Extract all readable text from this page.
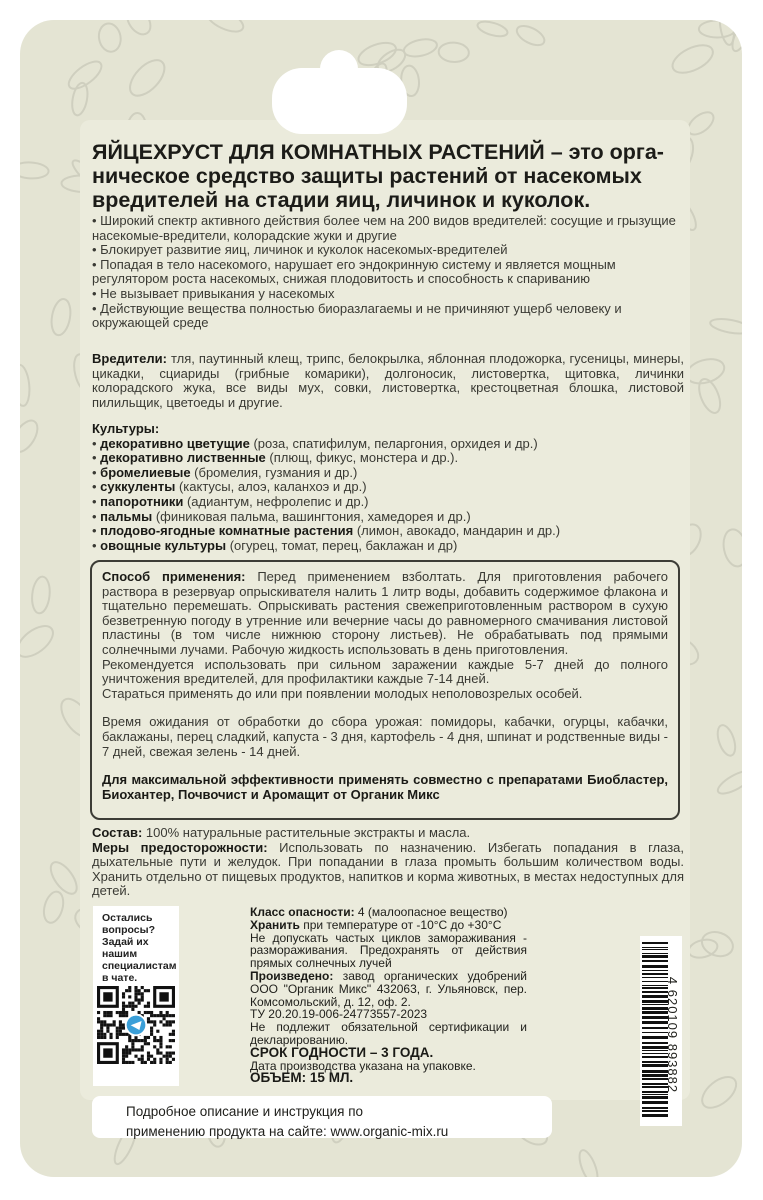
ЯЙЦЕХРУСТ ДЛЯ КОМНАТНЫХ РАСТЕНИЙ – это орга-
ническое средство защиты растений от насекомых
вредителей на стадии яиц, личинок и куколок.
• Широкий спектр активного действия более чем на 200 видов вредителей: сосущие и грызущие насекомые-вредители, колорадские жуки и другие
• Блокирует развитие яиц, личинок и куколок насекомых-вредителей
• Попадая в тело насекомого, нарушает его эндокринную систему и является мощным регулятором роста насекомых, снижая плодовитость и способность к спариванию
• Не вызывает привыкания у насекомых
• Действующие вещества полностью биоразлагаемы и не причиняют ущерб человеку и окружающей среде
Вредители: тля, паутинный клещ, трипс, белокрылка, яблонная плодожорка, гусеницы, минеры, цикадки, сциариды (грибные комарики), долгоносик, листовертка, щитовка, личинки колорадского жука, все виды мух, совки, листовертка, крестоцветная блошка, листовой пилильщик, цветоеды и другие.
Культуры:
• декоративно цветущие (роза, спатифилум, пеларгония, орхидея и др.)
• декоративно лиственные (плющ, фикус, монстера и др.).
• бромелиевые (бромелия, гузмания и др.)
• суккуленты (кактусы, алоэ, каланхоэ и др.)
• папоротники (адиантум, нефролепис и др.)
• пальмы (финиковая пальма, вашингтония, хамедорея и др.)
• плодово-ягодные комнатные растения (лимон, авокадо, мандарин и др.)
• овощные культуры (огурец, томат, перец, баклажан и др)

Способ применения: Перед применением взболтать. Для приготовления рабочего раствора в резервуар опрыскивателя налить 1 литр воды, добавить содержимое флакона и тщательно перемешать. Опрыскивать растения свежеприготовленным раствором в сухую безветренную погоду в утренние или вечерние часы до равномерного смачивания листовой пластины (в том числе нижнюю сторону листьев). Не обрабатывать под прямыми солнечными лучами. Рабочую жидкость использовать в день приготовления.

Рекомендуется использовать при сильном заражении каждые 5-7 дней до полного уничтожения вредителей, для профилактики каждые 7-14 дней.

Стараться применять до или при появлении молодых неполовозрелых особей.

Время ожидания от обработки до сбора урожая: помидоры, кабачки, огурцы, кабачки, баклажаны, перец сладкий, капуста - 3 дня, картофель - 4 дня, шпинат и родственные виды - 7 дней, свежая зелень - 14 дней.

Для максимальной эффективности применять совместно с препаратами Биобластер, Биохантер, Почвочист и Аромащит от Органик Микс

Состав: 100% натуральные растительные экстракты и масла.
Меры предосторожности: Использовать по назначению. Избегать попадания в глаза, дыхательные пути и желудок. При попадании в глаза промыть большим количеством воды. Хранить отдельно от пищевых продуктов, напитков и корма животных, в местах недоступных для детей.
Остались вопросы? Задай их нашим специалистам в чате.
Класс опасности: 4 (малоопасное вещество)
Хранить при температуре от -10°С до +30°С
Не допускать частых циклов замораживания - размораживания. Предохранять от действия прямых солнечных лучей
Произведено: завод органических удобрений ООО "Органик Микс" 432063, г. Ульяновск, пер. Комсомольский, д. 12, оф. 2.
ТУ 20.20.19-006-24773557-2023
Не подлежит обязательной сертификации и декларированию.
СРОК ГОДНОСТИ – 3 ГОДА.
Дата производства указана на упаковке.
ОБЪЕМ: 15 МЛ.	4 620109 893882
Подробное описание и инструкция по
применению продукта на сайте: www.organic-mix.ru
